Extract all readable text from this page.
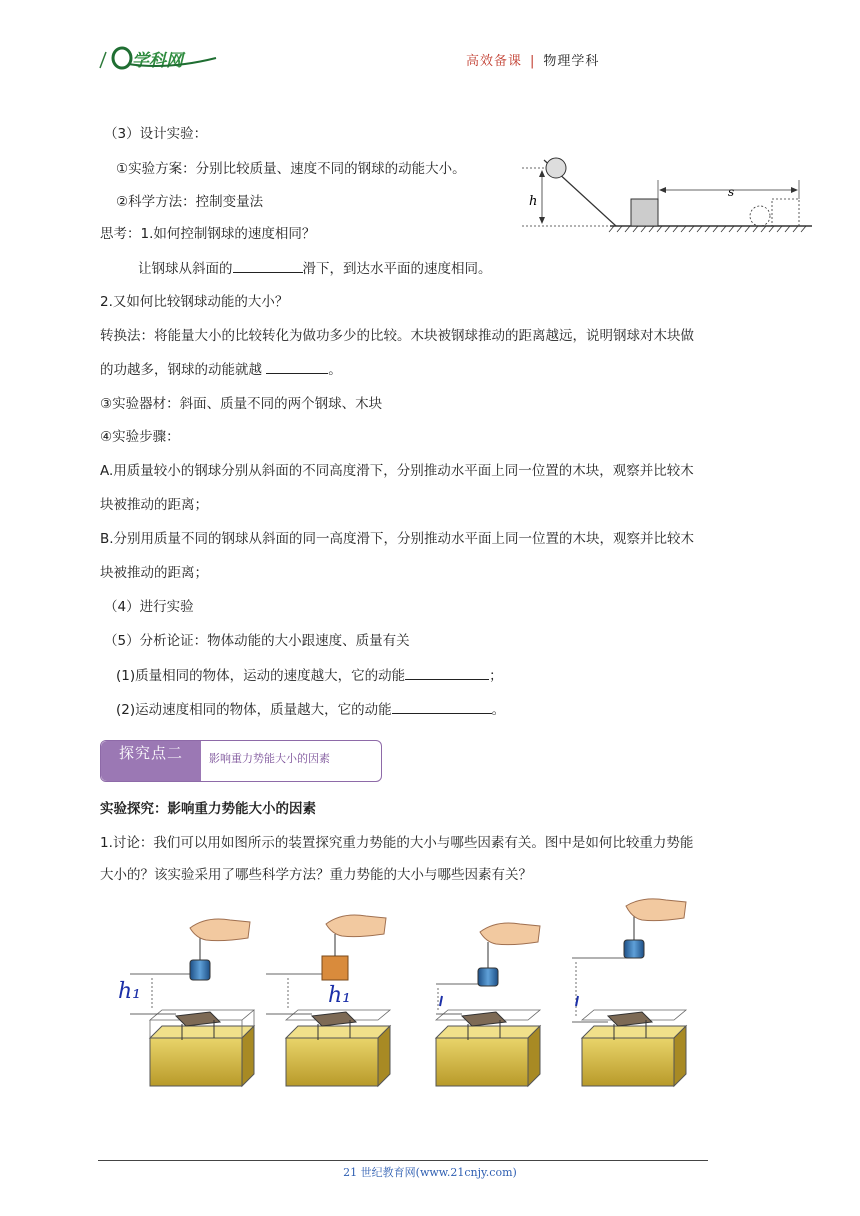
学科网	高效备课 | 物理学科
（3）设计实验：
①实验方案：分别比较质量、速度不同的钢球的动能大小。
②科学方法：控制变量法
思考：1.如何控制钢球的速度相同？
让钢球从斜面的	滑下，到达水平面的速度相同。
2.又如何比较钢球动能的大小？
转换法：将能量大小的比较转化为做功多少的比较。木块被钢球推动的距离越远，说明钢球对木块做
的功越多，钢球的动能就越	。
③实验器材：斜面、质量不同的两个钢球、木块
④实验步骤：
A.用质量较小的钢球分别从斜面的不同高度滑下，分别推动水平面上同一位置的木块，观察并比较木
块被推动的距离；
B.分别用质量不同的钢球从斜面的同一高度滑下，分别推动水平面上同一位置的木块，观察并比较木
块被推动的距离；
（4）进行实验
（5）分析论证：物体动能的大小跟速度、质量有关
(1)质量相同的物体，运动的速度越大，它的动能	；
(2)运动速度相同的物体，质量越大，它的动能	。
h
s
探究点二	影响重力势能大小的因素
实验探究：影响重力势能大小的因素
1.讨论：我们可以用如图所示的装置探究重力势能的大小与哪些因素有关。图中是如何比较重力势能
大小的？该实验采用了哪些科学方法？重力势能的大小与哪些因素有关？
h₁	h₁
21 世纪教育网(www.21cnjy.com)
